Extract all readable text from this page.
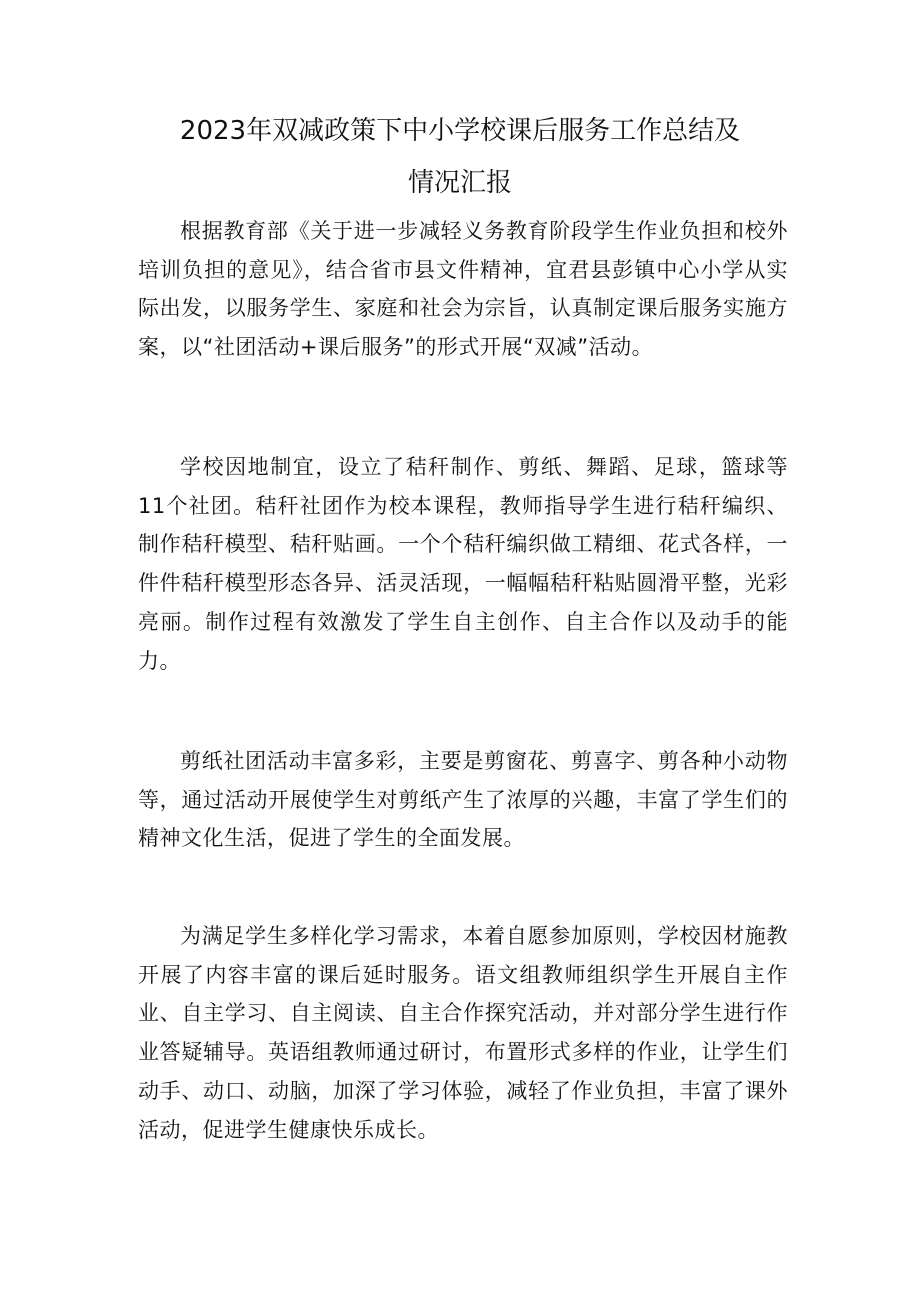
2023年双减政策下中小学校课后服务工作总结及
情况汇报

根据教育部《关于进一步减轻义务教育阶段学生作业负担和校外培训负担的意见》，结合省市县文件精神，宜君县彭镇中心小学从实际出发，以服务学生、家庭和社会为宗旨，认真制定课后服务实施方案，以“社团活动+课后服务”的形式开展“双减”活动。

学校因地制宜，设立了秸秆制作、剪纸、舞蹈、足球，篮球等11个社团。秸秆社团作为校本课程，教师指导学生进行秸秆编织、制作秸秆模型、秸秆贴画。一个个秸秆编织做工精细、花式各样，一件件秸秆模型形态各异、活灵活现，一幅幅秸秆粘贴圆滑平整，光彩亮丽。制作过程有效激发了学生自主创作、自主合作以及动手的能力。

剪纸社团活动丰富多彩，主要是剪窗花、剪喜字、剪各种小动物等，通过活动开展使学生对剪纸产生了浓厚的兴趣，丰富了学生们的精神文化生活，促进了学生的全面发展。

为满足学生多样化学习需求，本着自愿参加原则，学校因材施教开展了内容丰富的课后延时服务。语文组教师组织学生开展自主作业、自主学习、自主阅读、自主合作探究活动，并对部分学生进行作业答疑辅导。英语组教师通过研讨，布置形式多样的作业，让学生们动手、动口、动脑，加深了学习体验，减轻了作业负担，丰富了课外活动，促进学生健康快乐成长。
